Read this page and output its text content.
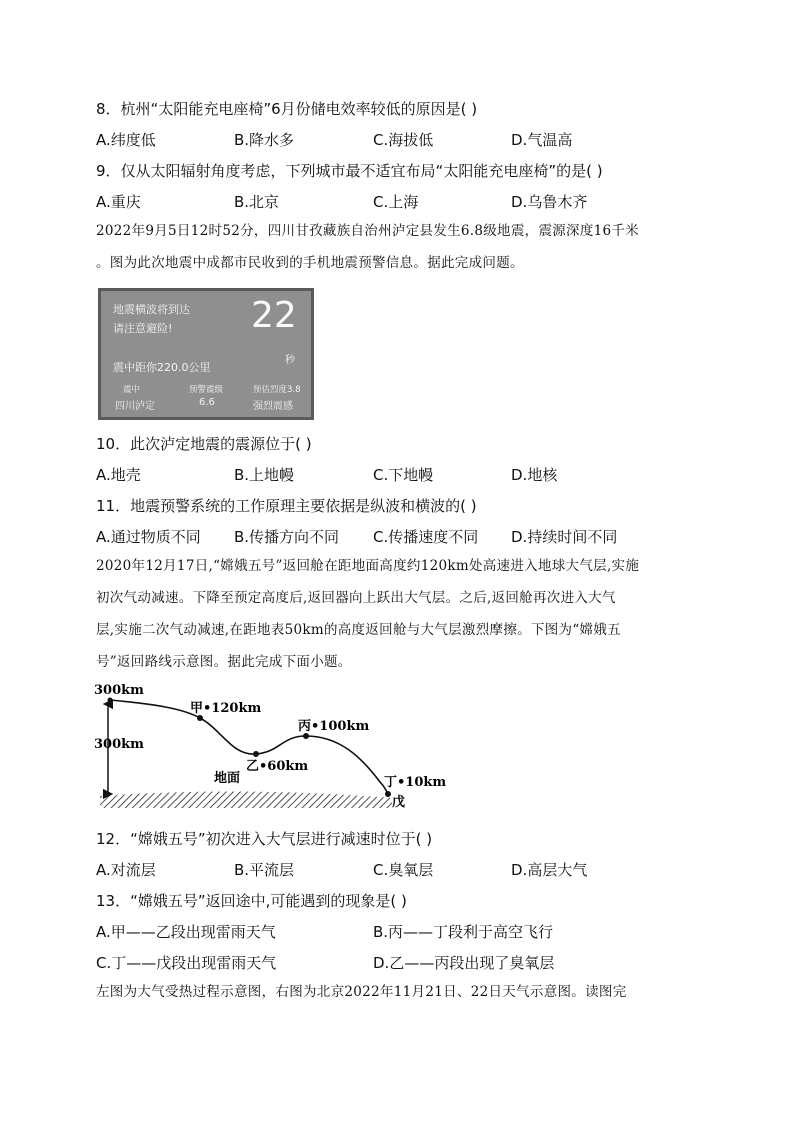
8．杭州“太阳能充电座椅”6月份储电效率较低的原因是( )
A.纬度低	B.降水多	C.海拔低	D.气温高
9．仅从太阳辐射角度考虑，下列城市最不适宜布局“太阳能充电座椅”的是( )
A.重庆	B.北京	C.上海	D.乌鲁木齐
2022年9月5日12时52分，四川甘孜藏族自治州泸定县发生6.8级地震，震源深度16千米
。图为此次地震中成都市民收到的手机地震预警信息。据此完成问题。
地震横波将到达
请注意避险! 22
震中距你220.0公里
秒
震中	预警震级	预估烈度3.8
四川泸定	6.6	强烈震感
10．此次泸定地震的震源位于( )
A.地壳	B.上地幔	C.下地幔	D.地核
11．地震预警系统的工作原理主要依据是纵波和横波的( )
A.通过物质不同 B.传播方向不同 C.传播速度不同 D.持续时间不同
2020年12月17日,“嫦娥五号”返回舱在距地面高度约120km处高速进入地球大气层,实施
初次气动减速。下降至预定高度后,返回器向上跃出大气层。之后,返回舱再次进入大气
层,实施二次气动减速,在距地表50km的高度返回舱与大气层激烈摩擦。下图为“嫦娥五
号”返回路线示意图。据此完成下面小题。
300km
300km
甲•120km
丙•100km
乙•60km
地面	丁•10km
戊
12．“嫦娥五号”初次进入大气层进行减速时位于( )
A.对流层	B.平流层	C.臭氧层	D.高层大气
13．“嫦娥五号”返回途中,可能遇到的现象是( )
A.甲——乙段出现雷雨天气	B.丙——丁段利于高空飞行
C.丁——戊段出现雷雨天气	D.乙——丙段出现了臭氧层
左图为大气受热过程示意图，右图为北京2022年11月21日、22日天气示意图。读图完
